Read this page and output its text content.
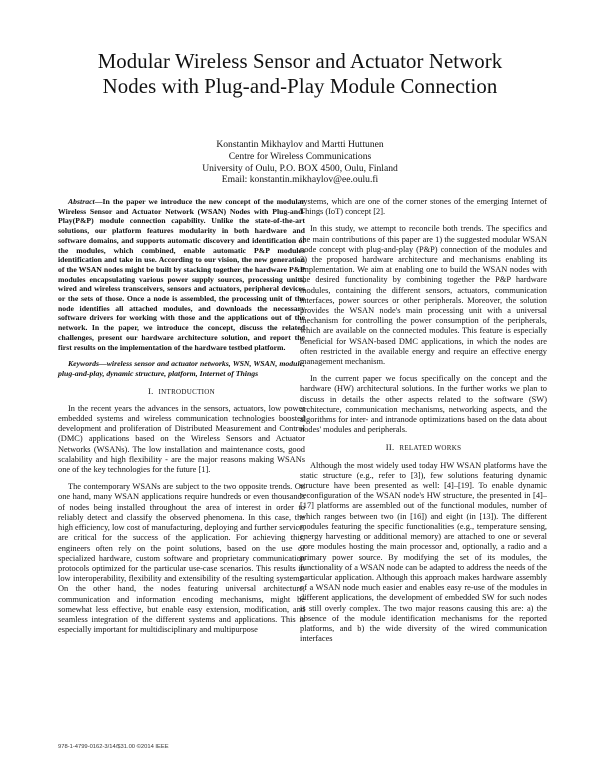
Modular Wireless Sensor and Actuator Network
Nodes with Plug-and-Play Module Connection
Konstantin Mikhaylov and Martti Huttunen
Centre for Wireless Communications
University of Oulu, P.O. BOX 4500, Oulu, Finland
Email: konstantin.mikhaylov@ee.oulu.fi

Abstract—In the paper we introduce the new concept of the modular Wireless Sensor and Actuator Network (WSAN) Nodes with Plug-and-Play(P&P) module connection capability. Unlike the state-of-the-art solutions, our platform features modularity in both hardware and software domains, and supports automatic discovery and identification of the modules, which combined, enable automatic P&P modules identification and take in use. According to our vision, the new generation of the WSAN nodes might be built by stacking together the hardware P&P modules encapsulating various power supply sources, processing units, wired and wireless transceivers, sensors and actuators, peripheral devices or the sets of those. Once a node is assembled, the processing unit of the node identifies all attached modules, and downloads the necessary software drivers for working with those and the applications out of the network. In the paper, we introduce the concept, discuss the related challenges, present our hardware architecture solution, and report the first results on the implementation of the hardware testbed platform.

Keywords—wireless sensor and actuator networks, WSN, WSAN, module, plug-and-play, dynamic structure, platform, Internet of Things

I. INTRODUCTION

In the recent years the advances in the sensors, actuators, low power embedded systems and wireless communication technologies boosted development and proliferation of Distributed Measurement and Control (DMC) applications based on the Wireless Sensors and Actuator Networks (WSANs). The low installation and maintenance costs, good scalability and high flexibility - are the major reasons making WSANs one of the key technologies for the future [1].

The contemporary WSANs are subject to the two opposite trends. On one hand, many WSAN applications require hundreds or even thousands of nodes being installed throughout the area of interest in order to reliably detect and classify the observed phenomena. In this case, the high efficiency, low cost of manufacturing, deploying and further service, are critical for the success of the application. For achieving this, engineers often rely on the point solutions, based on the use of specialized hardware, custom software and proprietary communication protocols optimized for the particular use-case scenarios. This results in low interoperability, flexibility and extensibility of the resulting systems. On the other hand, the nodes featuring universal architecture, communication and information encoding mechanisms, might be somewhat less effective, but enable easy extension, modification, and seamless integration of the different systems and applications. This is especially important for multidisciplinary and multipurpose

systems, which are one of the corner stones of the emerging Internet of Things (IoT) concept [2].

In this study, we attempt to reconcile both trends. The specifics and the main contributions of this paper are 1) the suggested modular WSAN node concept with plug-and-play (P&P) connection of the modules and 2) the proposed hardware architecture and mechanisms enabling its implementation. We aim at enabling one to build the WSAN nodes with the desired functionality by combining together the P&P hardware modules, containing the different sensors, actuators, communication interfaces, power sources or other peripherals. Moreover, the solution provides the WSAN node's main processing unit with a universal mechanism for controlling the power consumption of the peripherals, which are available on the connected modules. This feature is especially beneficial for WSAN-based DMC applications, in which the nodes are often restricted in the available energy and require an effective energy management mechanism.

In the current paper we focus specifically on the concept and the hardware (HW) architectural solutions. In the further works we plan to discuss in details the other aspects related to the software (SW) architecture, communication mechanisms, networking aspects, and the algorithms for inter- and intranode optimizations based on the data about nodes' modules and peripherals.

II. RELATED WORKS

Although the most widely used today HW WSAN platforms have the static structure (e.g., refer to [3]), few solutions featuring dynamic structure have been presented as well: [4]–[19]. To enable dynamic reconfiguration of the WSAN node's HW structure, the presented in [4]–[17] platforms are assembled out of the functional modules, number of which ranges between two (in [16]) and eight (in [13]). The different modules featuring the specific functionalities (e.g., temperature sensing, energy harvesting or additional memory) are attached to one or several core modules hosting the main processor and, optionally, a radio and a primary power source. By modifying the set of its modules, the functionality of a WSAN node can be adapted to address the needs of the particular application. Although this approach makes hardware assembly of a WSAN node much easier and enables easy re-use of the modules in different applications, the development of embedded SW for such nodes is still overly complex. The two major reasons causing this are: a) the absence of the module identification mechanisms for the reported platforms, and b) the wide diversity of the wired communication interfaces

978-1-4799-0162-3/14/$31.00 ©2014 IEEE
